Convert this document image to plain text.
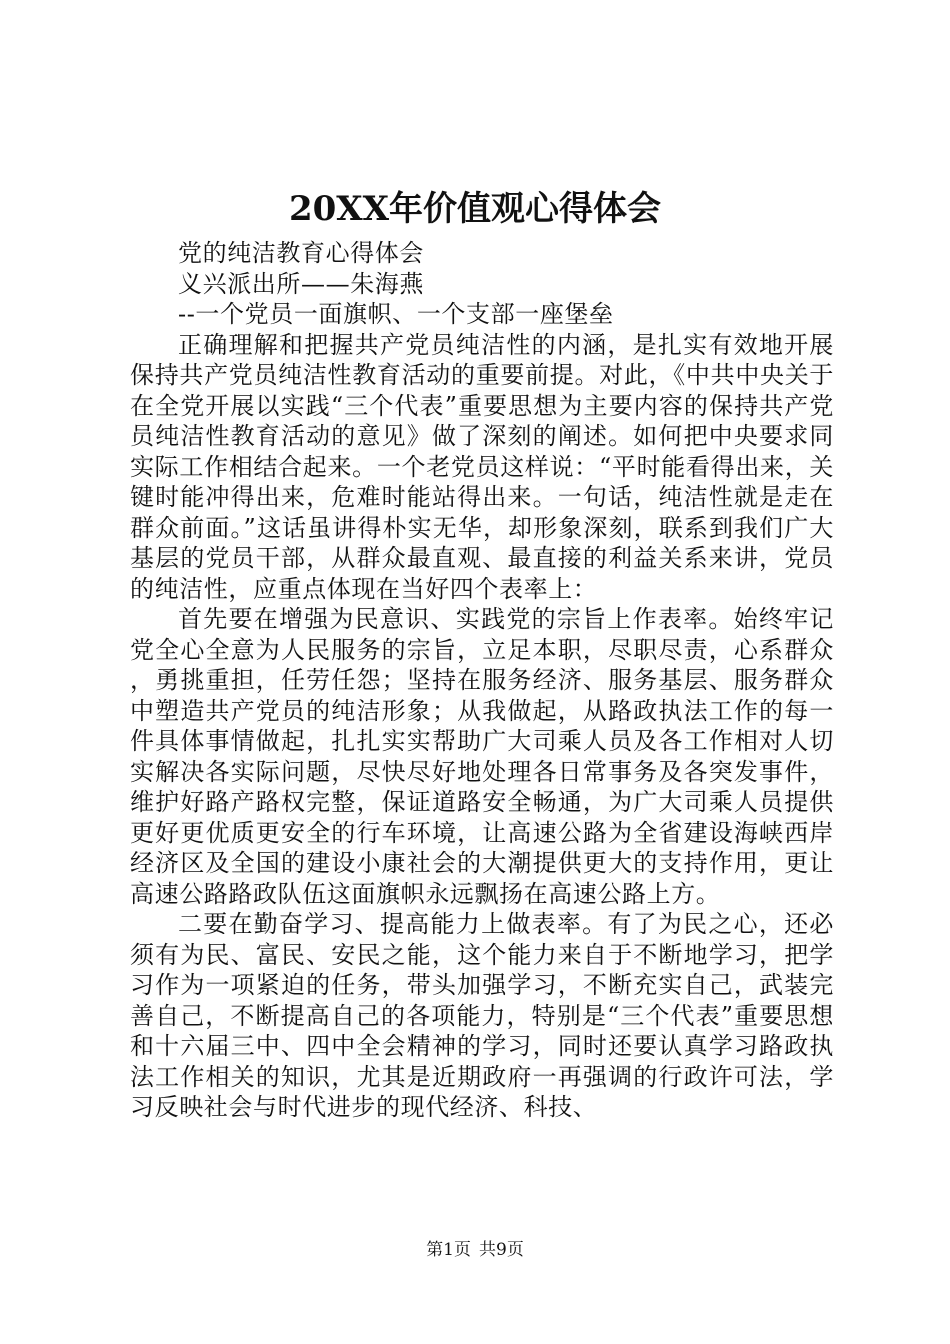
20XX年价值观心得体会

党的纯洁教育心得体会

义兴派出所——朱海燕

--一个党员一面旗帜、一个支部一座堡垒

正确理解和把握共产党员纯洁性的内涵，是扎实有效地开展保持共产党员纯洁性教育活动的重要前提。对此，《中共中央关于在全党开展以实践“三个代表”重要思想为主要内容的保持共产党员纯洁性教育活动的意见》做了深刻的阐述。如何把中央要求同实际工作相结合起来。一个老党员这样说：“平时能看得出来，关键时能冲得出来，危难时能站得出来。一句话，纯洁性就是走在群众前面。”这话虽讲得朴实无华，却形象深刻，联系到我们广大基层的党员干部，从群众最直观、最直接的利益关系来讲，党员的纯洁性，应重点体现在当好四个表率上：

首先要在增强为民意识、实践党的宗旨上作表率。始终牢记党全心全意为人民服务的宗旨，立足本职，尽职尽责，心系群众，勇挑重担，任劳任怨；坚持在服务经济、服务基层、服务群众中塑造共产党员的纯洁形象；从我做起，从路政执法工作的每一件具体事情做起，扎扎实实帮助广大司乘人员及各工作相对人切实解决各实际问题，尽快尽好地处理各日常事务及各突发事件，维护好路产路权完整，保证道路安全畅通，为广大司乘人员提供更好更优质更安全的行车环境，让高速公路为全省建设海峡西岸经济区及全国的建设小康社会的大潮提供更大的支持作用，更让高速公路路政队伍这面旗帜永远飘扬在高速公路上方。

二要在勤奋学习、提高能力上做表率。有了为民之心，还必须有为民、富民、安民之能，这个能力来自于不断地学习，把学习作为一项紧迫的任务，带头加强学习，不断充实自己，武装完善自己，不断提高自己的各项能力，特别是“三个代表”重要思想和十六届三中、四中全会精神的学习，同时还要认真学习路政执法工作相关的知识，尤其是近期政府一再强调的行政许可法，学习反映社会与时代进步的现代经济、科技、

第1页 共9页
